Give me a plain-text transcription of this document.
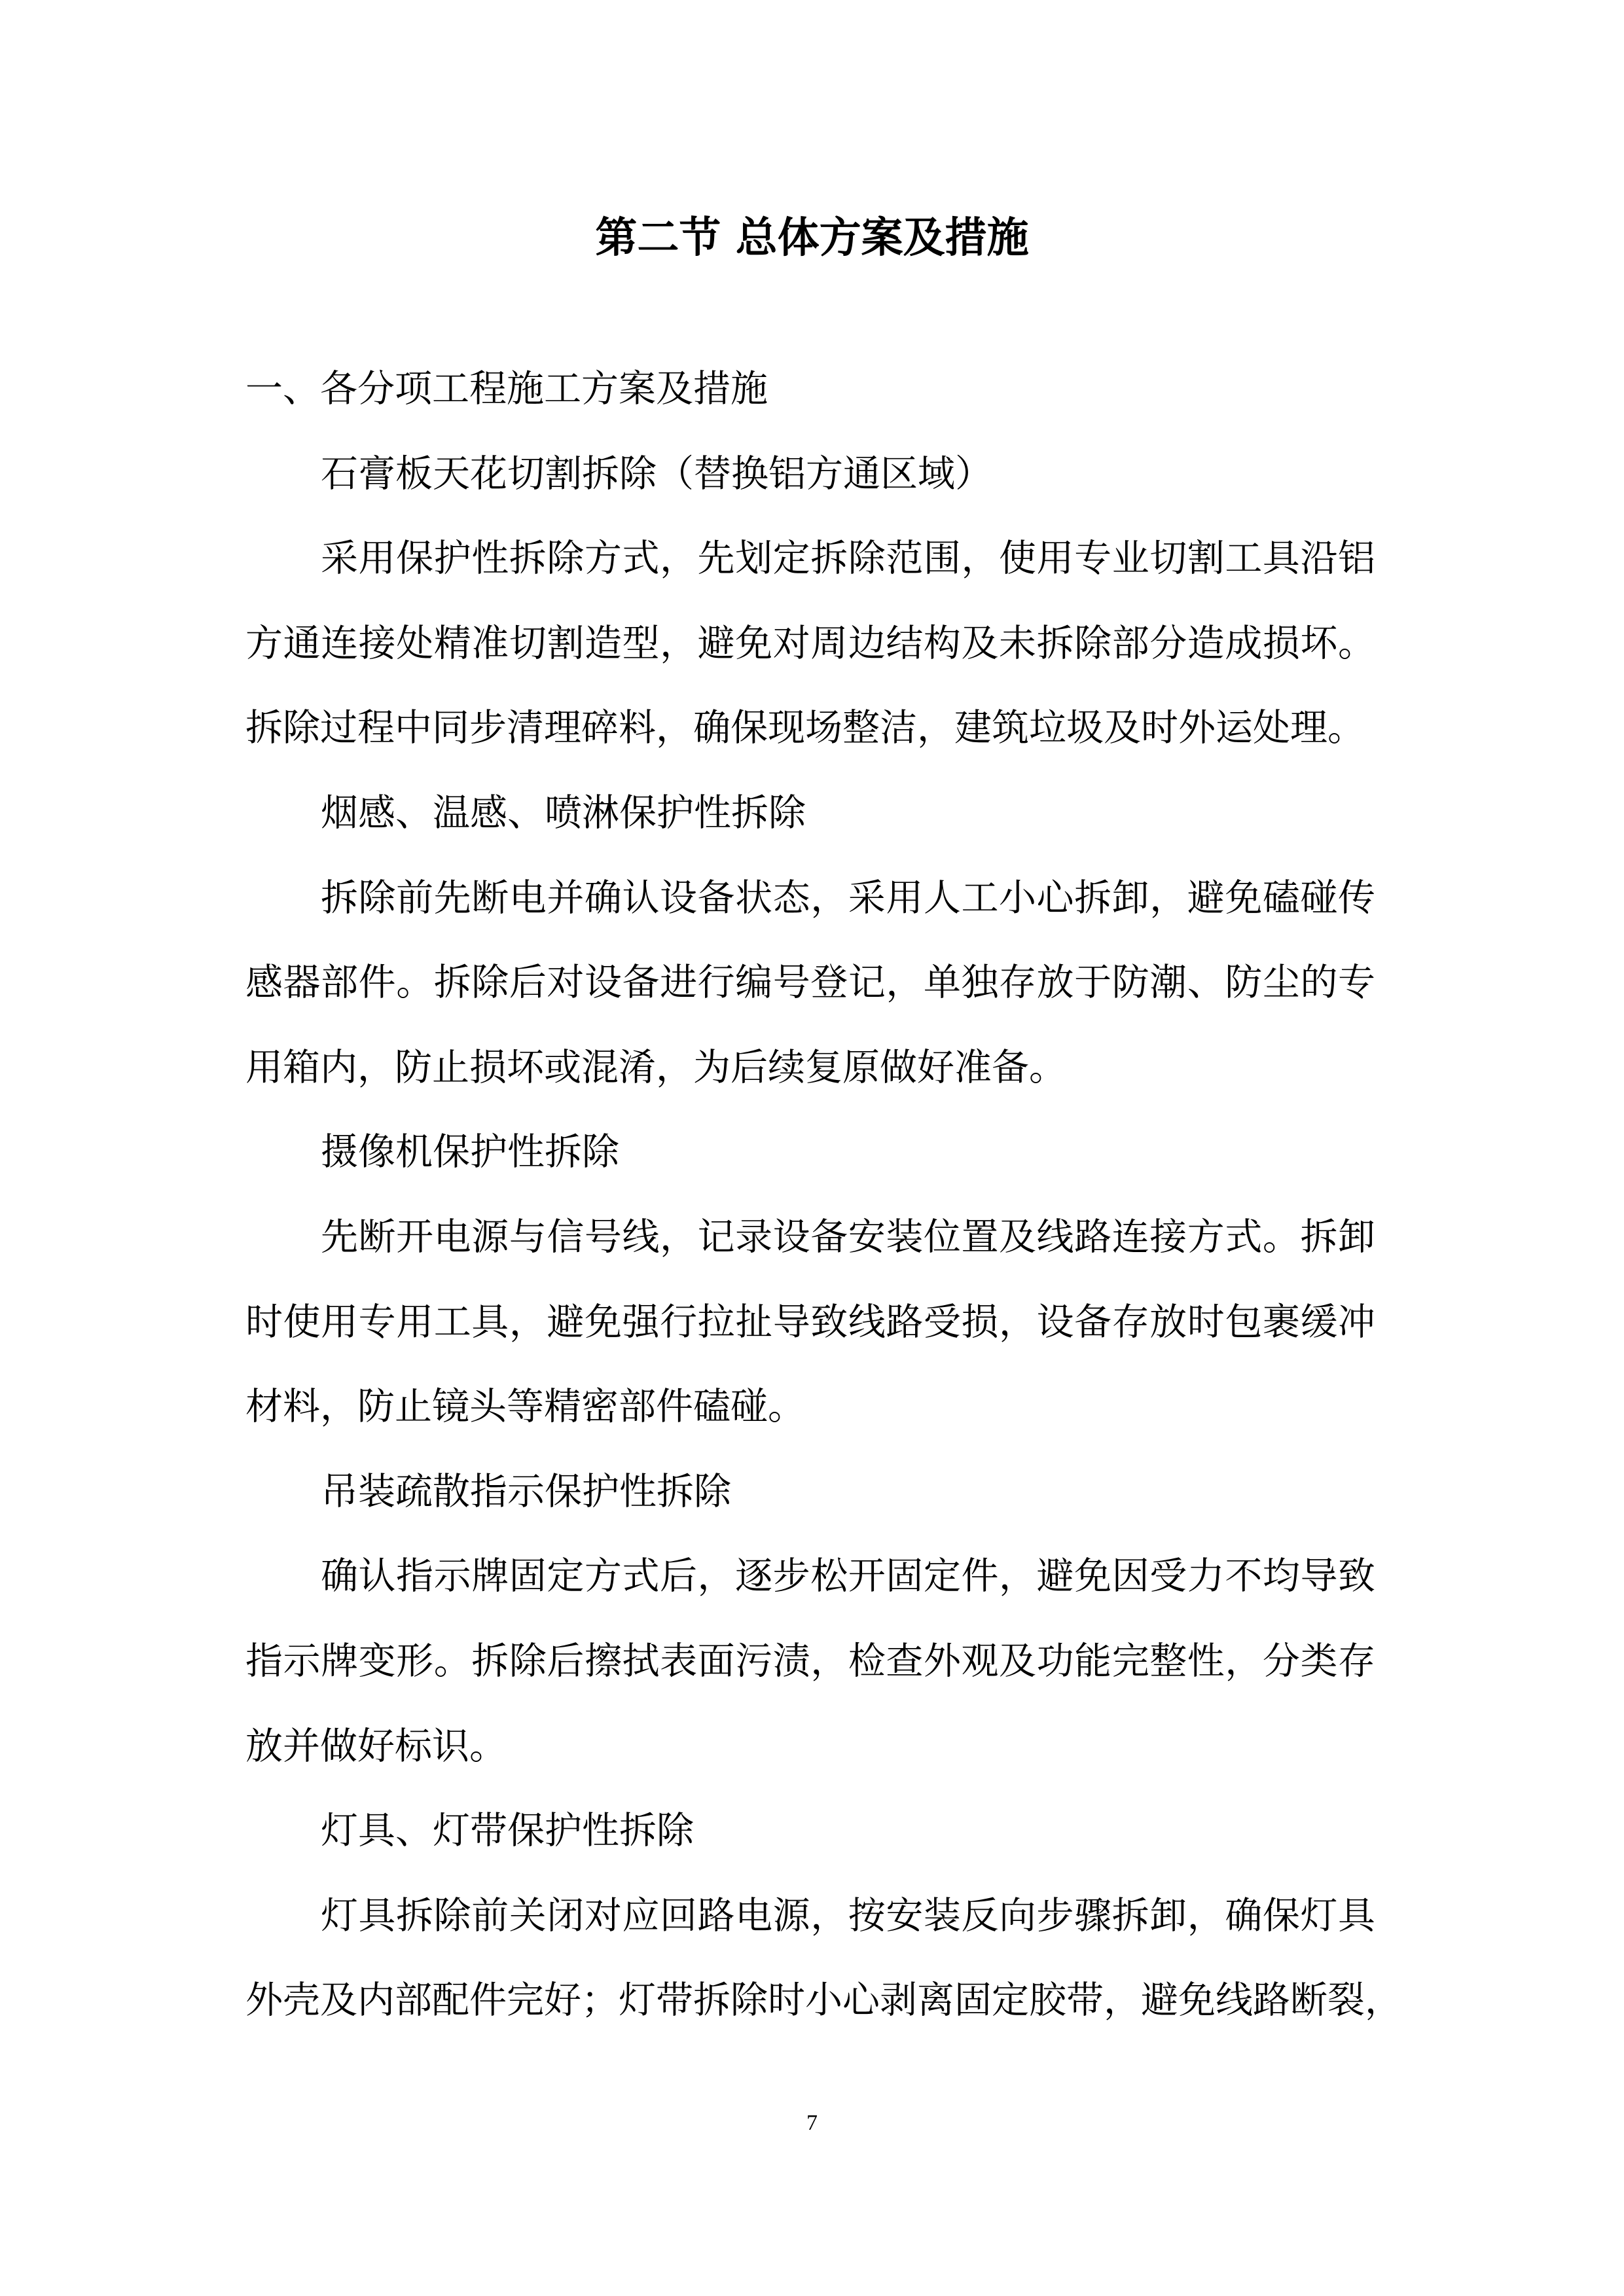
第二节 总体方案及措施
一、各分项工程施工方案及措施
石膏板天花切割拆除（替换铝方通区域）
采用保护性拆除方式，先划定拆除范围，使用专业切割工具沿铝
方通连接处精准切割造型，避免对周边结构及未拆除部分造成损坏。
拆除过程中同步清理碎料，确保现场整洁，建筑垃圾及时外运处理。
烟感、温感、喷淋保护性拆除
拆除前先断电并确认设备状态，采用人工小心拆卸，避免磕碰传
感器部件。拆除后对设备进行编号登记，单独存放于防潮、防尘的专
用箱内，防止损坏或混淆，为后续复原做好准备。
摄像机保护性拆除
先断开电源与信号线，记录设备安装位置及线路连接方式。拆卸
时使用专用工具，避免强行拉扯导致线路受损，设备存放时包裹缓冲
材料，防止镜头等精密部件磕碰。
吊装疏散指示保护性拆除
确认指示牌固定方式后，逐步松开固定件，避免因受力不均导致
指示牌变形。拆除后擦拭表面污渍，检查外观及功能完整性，分类存
放并做好标识。
灯具、灯带保护性拆除
灯具拆除前关闭对应回路电源，按安装反向步骤拆卸，确保灯具
外壳及内部配件完好；灯带拆除时小心剥离固定胶带，避免线路断裂，
7
